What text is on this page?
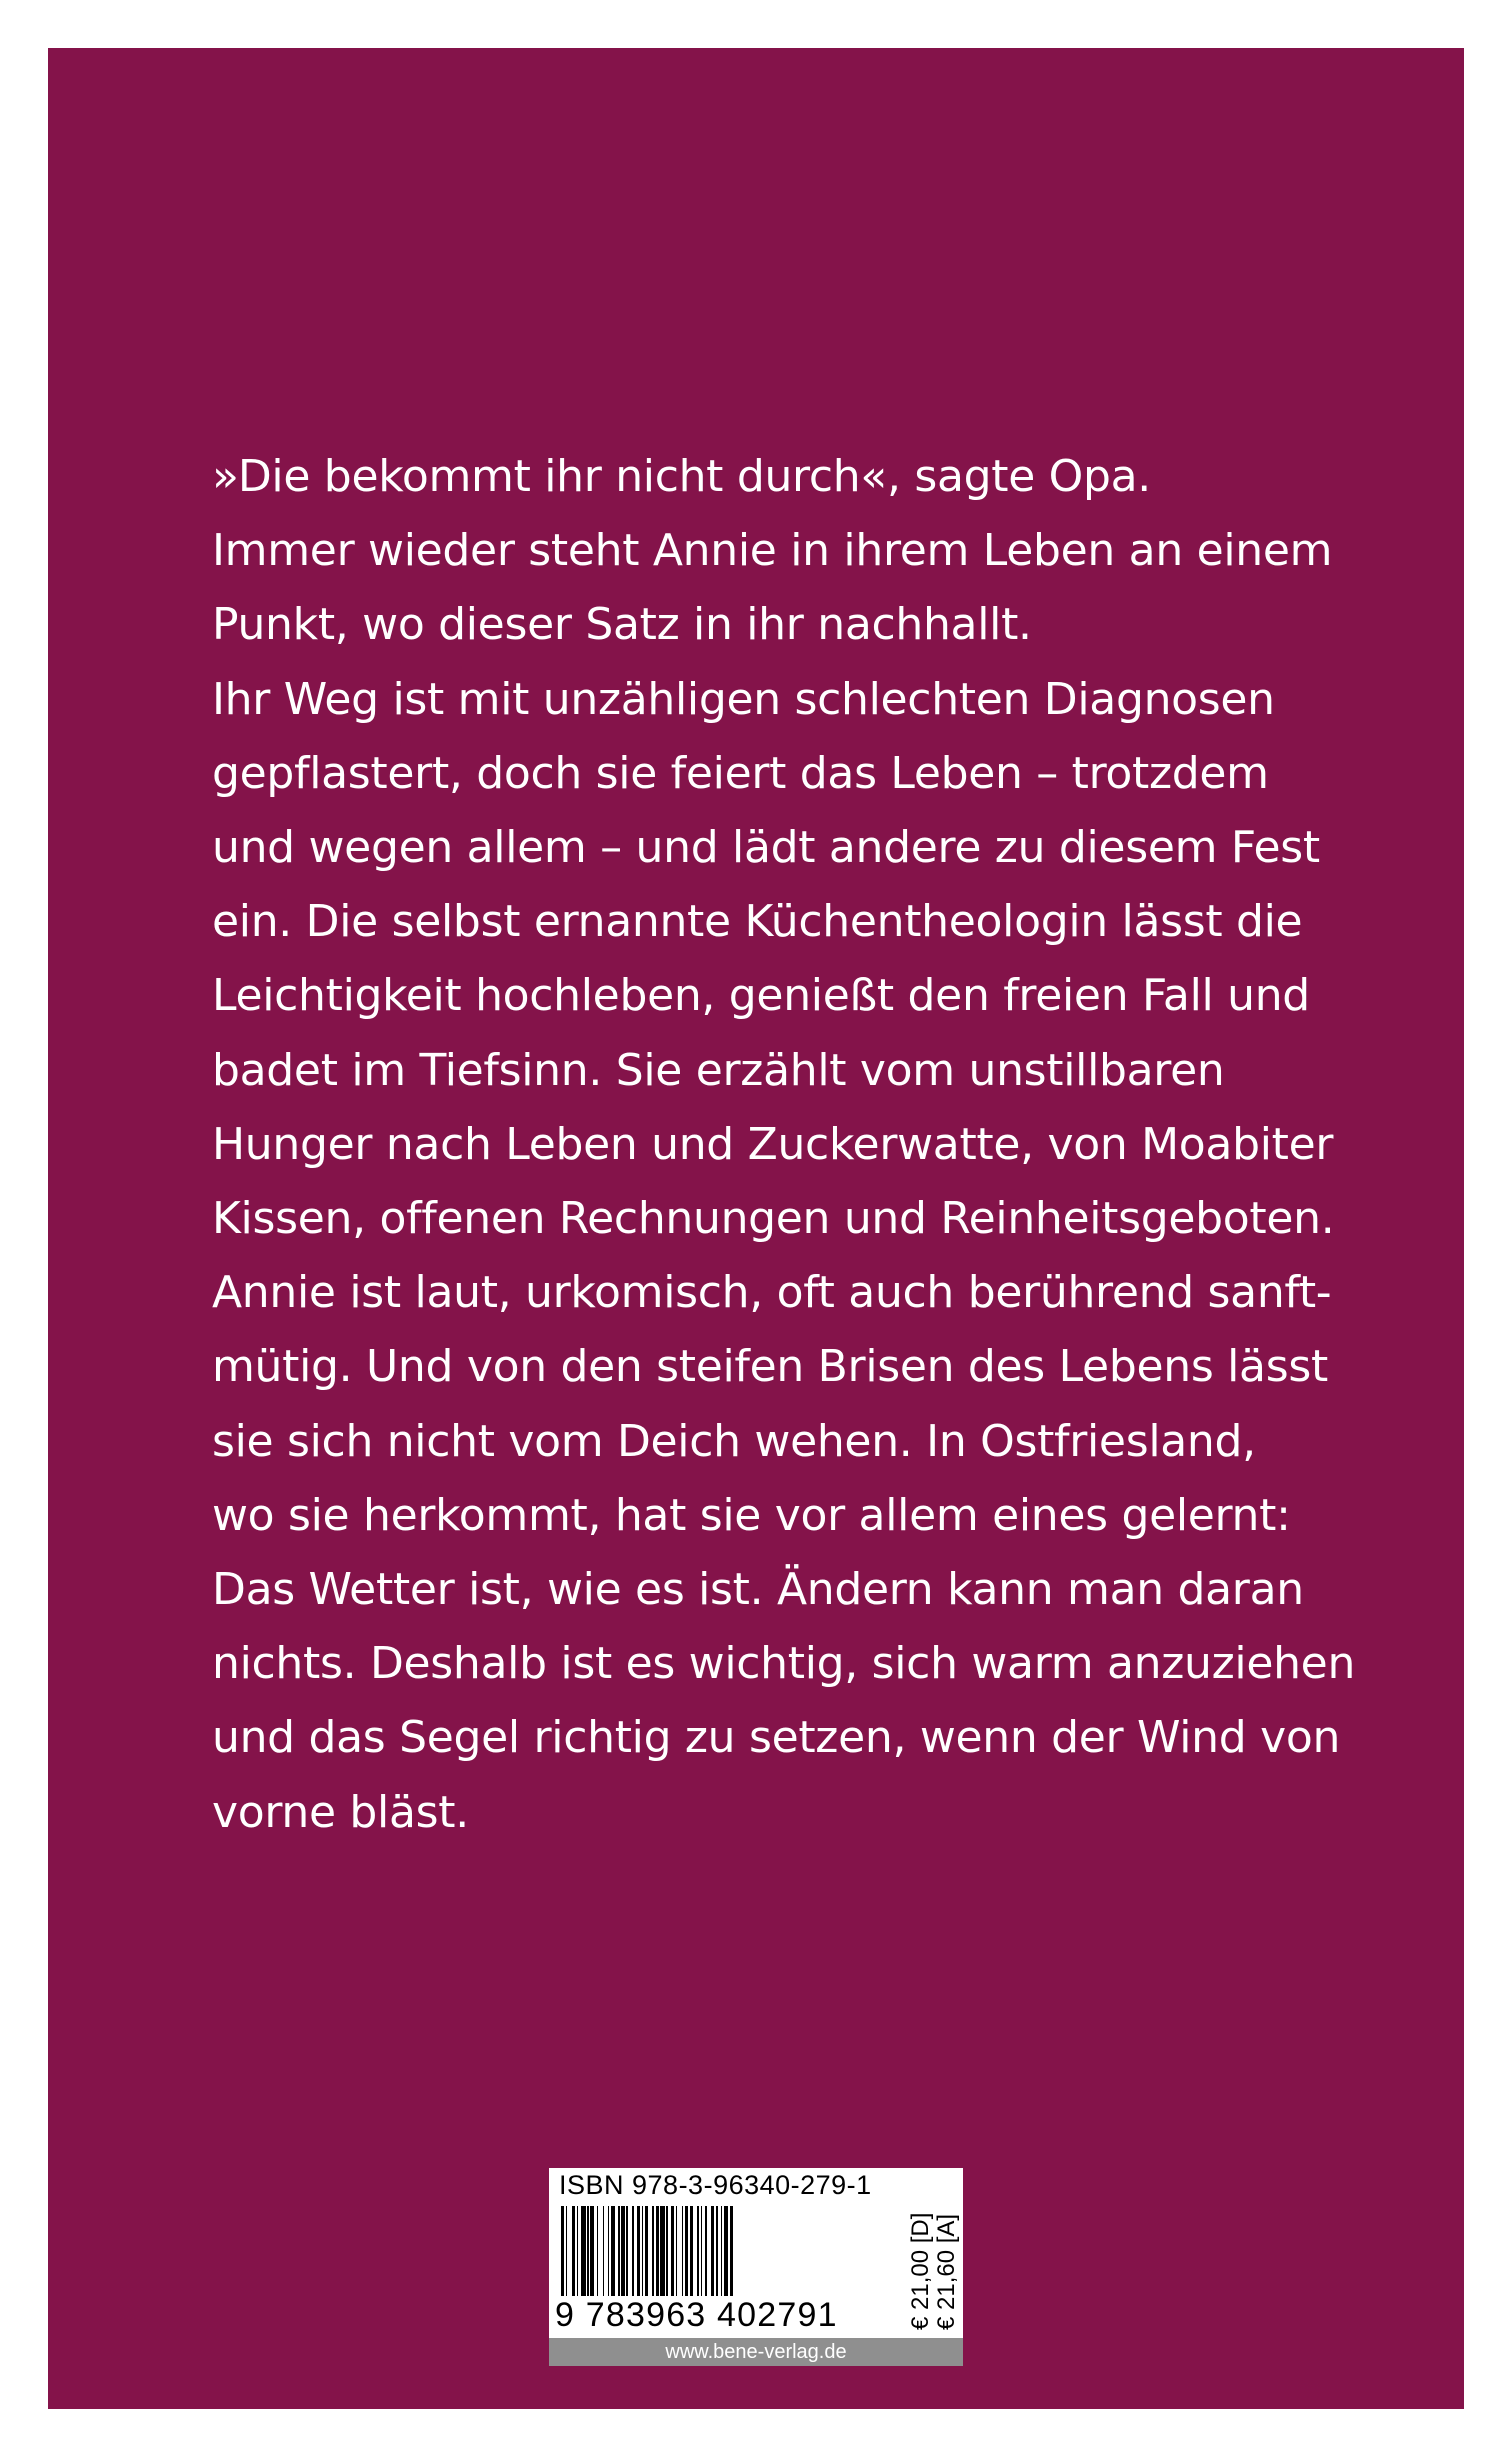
»Die bekommt ihr nicht durch«, sagte Opa.
Immer wieder steht Annie in ihrem Leben an einem
Punkt, wo dieser Satz in ihr nachhallt.
Ihr Weg ist mit unzähligen schlechten Diagnosen
gepflastert, doch sie feiert das Leben – trotzdem
und wegen allem – und lädt andere zu diesem Fest
ein. Die selbst ernannte Küchentheologin lässt die
Leichtigkeit hochleben, genießt den freien Fall und
badet im Tiefsinn. Sie erzählt vom unstillbaren
Hunger nach Leben und Zuckerwatte, von Moabiter
Kissen, offenen Rechnungen und Reinheitsgeboten.
Annie ist laut, urkomisch, oft auch berührend sanft-
mütig. Und von den steifen Brisen des Lebens lässt
sie sich nicht vom Deich wehen. In Ostfriesland,
wo sie herkommt, hat sie vor allem eines gelernt:
Das Wetter ist, wie es ist. Ändern kann man daran
nichts. Deshalb ist es wichtig, sich warm anzuziehen
und das Segel richtig zu setzen, wenn der Wind von
vorne bläst.
ISBN 978-3-96340-279-1
9 783963 402791	€ 21,00 [D] € 21,60 [A]
www.bene-verlag.de
